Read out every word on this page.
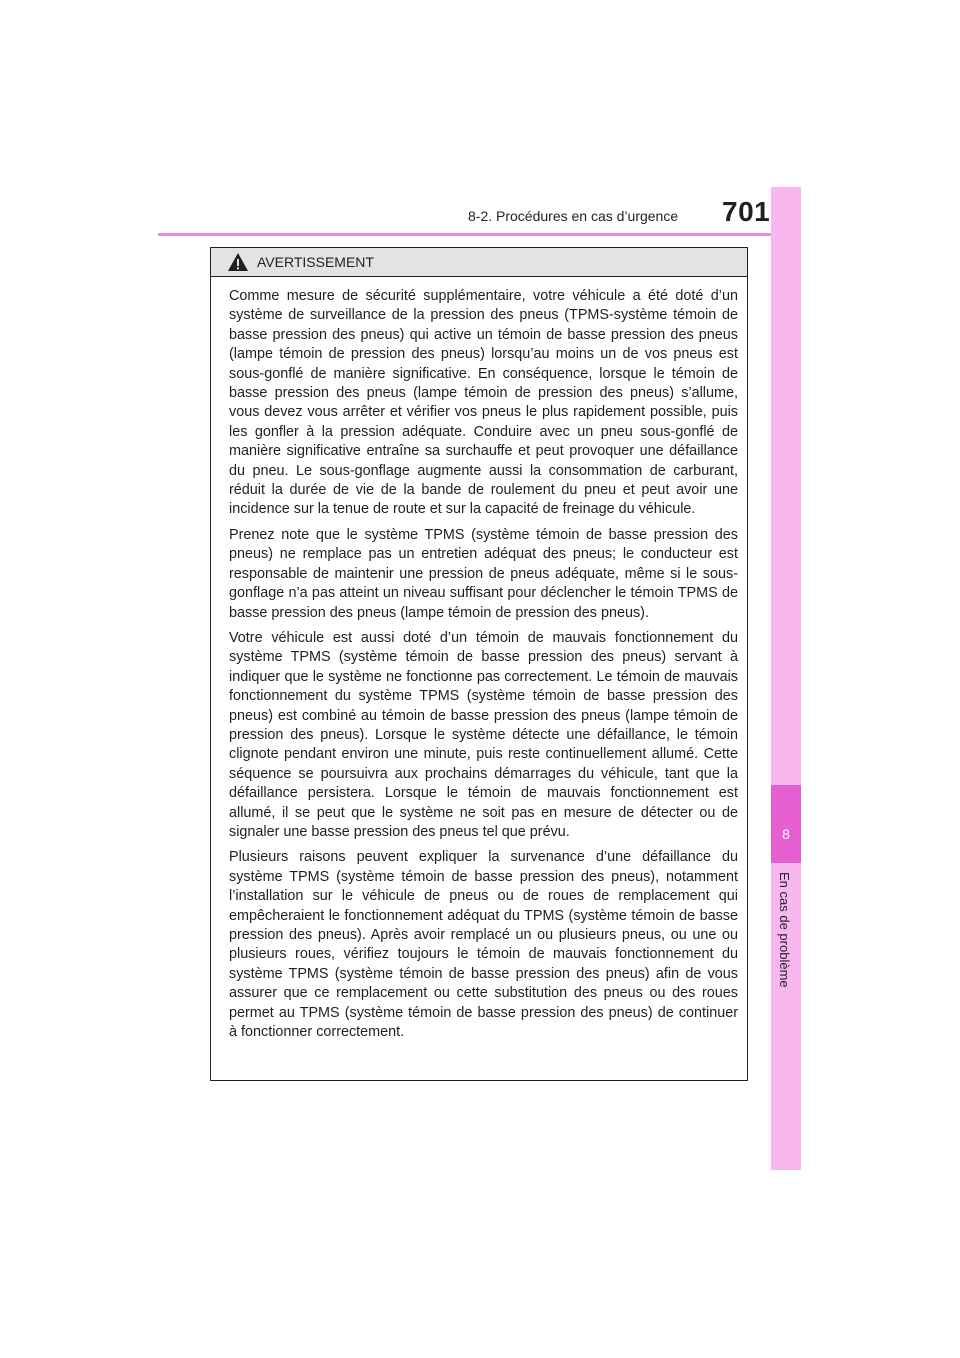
8-2. Procédures en cas d’urgence 701
8
En cas de problème
AVERTISSEMENT

Comme mesure de sécurité supplémentaire, votre véhicule a été doté d’un système de surveillance de la pression des pneus (TPMS-système témoin de basse pression des pneus) qui active un témoin de basse pression des pneus (lampe témoin de pression des pneus) lorsqu’au moins un de vos pneus est sous-gonflé de manière significative. En conséquence, lorsque le témoin de basse pression des pneus (lampe témoin de pression des pneus) s’allume, vous devez vous arrêter et vérifier vos pneus le plus rapidement possible, puis les gonfler à la pression adéquate. Conduire avec un pneu sous-gonflé de manière significative entraîne sa surchauffe et peut provoquer une défaillance du pneu. Le sous-gonflage augmente aussi la consommation de carburant, réduit la durée de vie de la bande de roulement du pneu et peut avoir une incidence sur la tenue de route et sur la capacité de freinage du véhicule.

Prenez note que le système TPMS (système témoin de basse pression des pneus) ne remplace pas un entretien adéquat des pneus; le conducteur est responsable de maintenir une pression de pneus adéquate, même si le sous-gonflage n’a pas atteint un niveau suffisant pour déclencher le témoin TPMS de basse pression des pneus (lampe témoin de pression des pneus).

Votre véhicule est aussi doté d’un témoin de mauvais fonctionnement du système TPMS (système témoin de basse pression des pneus) servant à indiquer que le système ne fonctionne pas correctement. Le témoin de mauvais fonctionnement du système TPMS (système témoin de basse pression des pneus) est combiné au témoin de basse pression des pneus (lampe témoin de pression des pneus). Lorsque le système détecte une défaillance, le témoin clignote pendant environ une minute, puis reste continuellement allumé. Cette séquence se poursuivra aux prochains démarrages du véhicule, tant que la défaillance persistera. Lorsque le témoin de mauvais fonctionnement est allumé, il se peut que le système ne soit pas en mesure de détecter ou de signaler une basse pression des pneus tel que prévu.

Plusieurs raisons peuvent expliquer la survenance d’une défaillance du système TPMS (système témoin de basse pression des pneus), notamment l’installation sur le véhicule de pneus ou de roues de remplacement qui empêcheraient le fonctionnement adéquat du TPMS (système témoin de basse pression des pneus). Après avoir remplacé un ou plusieurs pneus, ou une ou plusieurs roues, vérifiez toujours le témoin de mauvais fonctionnement du système TPMS (système témoin de basse pression des pneus) afin de vous assurer que ce remplacement ou cette substitution des pneus ou des roues permet au TPMS (système témoin de basse pression des pneus) de continuer à fonctionner correctement.
